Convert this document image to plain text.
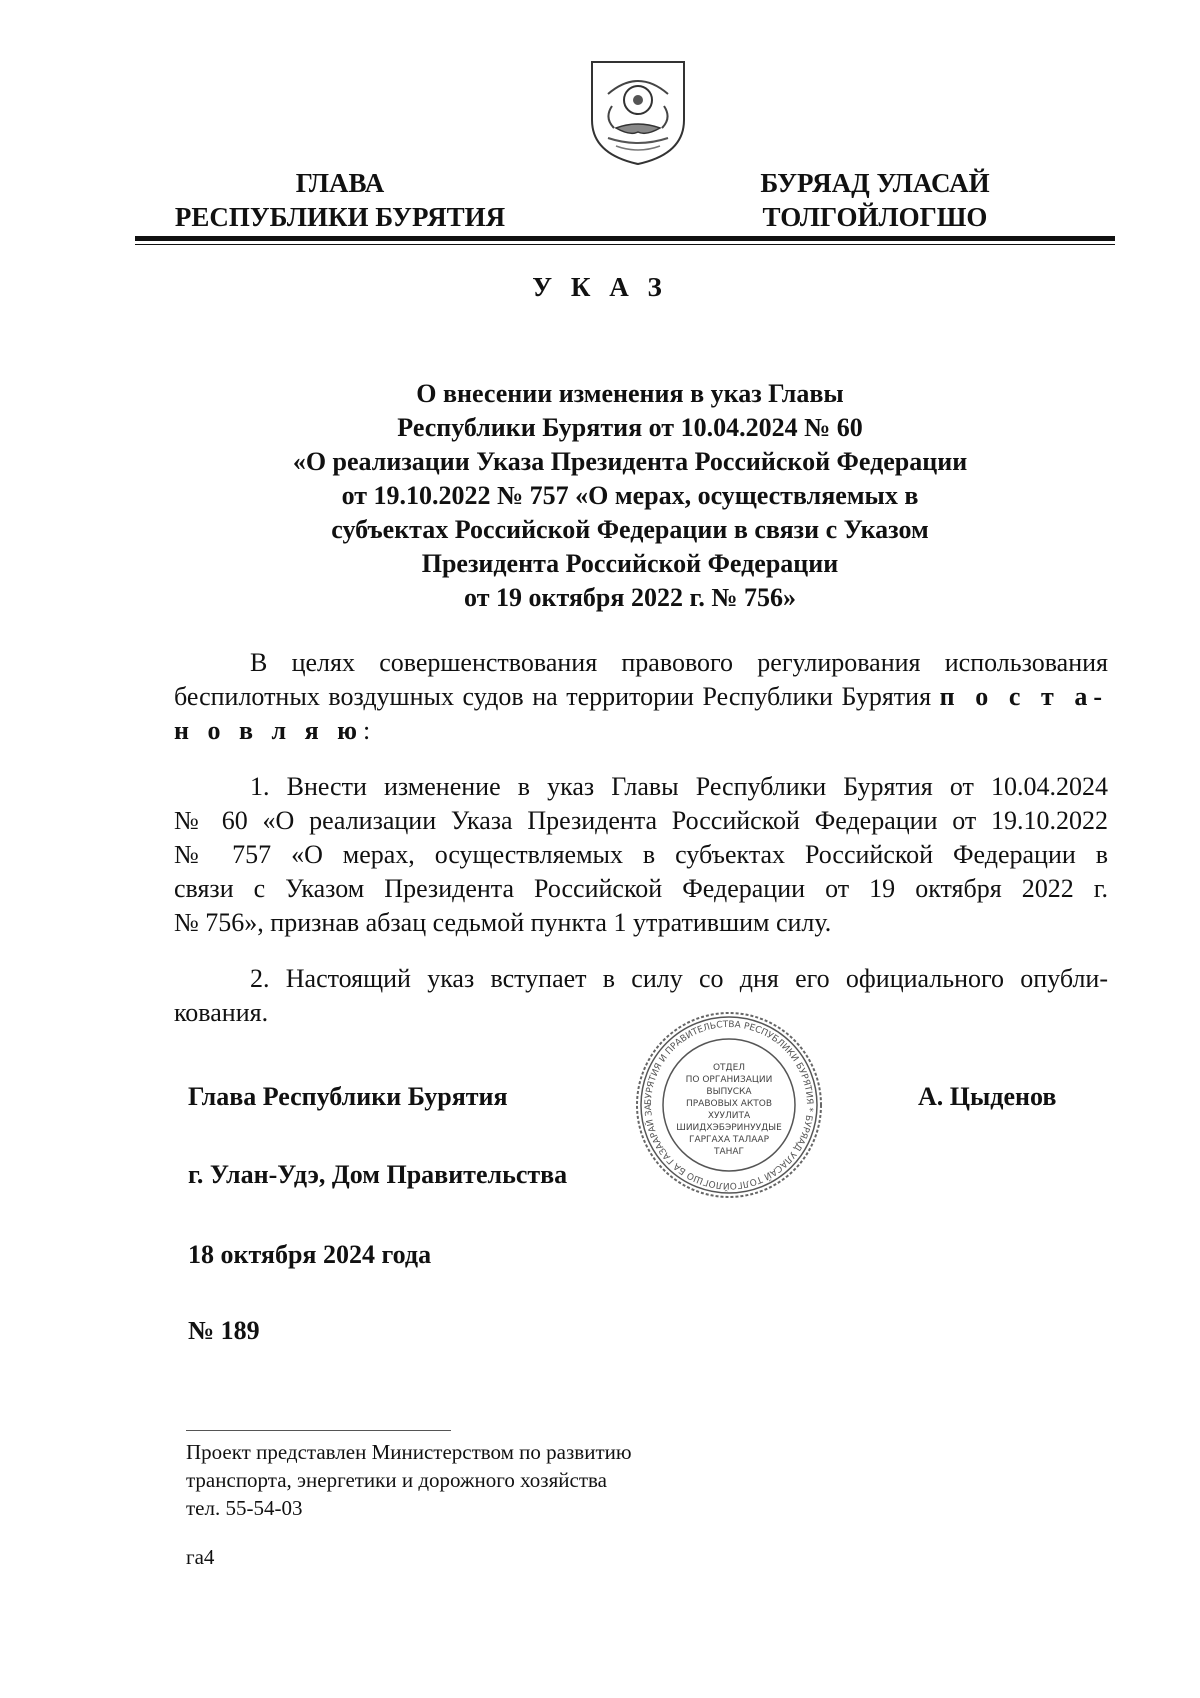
ГЛАВА
РЕСПУБЛИКИ БУРЯТИЯ
БУРЯАД УЛАСАЙ
ТОЛГОЙЛОГШО
У К А З
О внесении изменения в указ Главы
Республики Бурятия от 10.04.2024 № 60
«О реализации Указа Президента Российской Федерации
от 19.10.2022 № 757 «О мерах, осуществляемых в
субъектах Российской Федерации в связи с Указом
Президента Российской Федерации
от 19 октября 2022 г. № 756»
В целях совершенствования правового регулирования использования
беспилотных воздушных судов на территории Республики Бурятия п о с т а-
н о в л я ю:
1. Внести изменение в указ Главы Республики Бурятия от 10.04.2024
№ 60 «О реализации Указа Президента Российской Федерации от 19.10.2022
№ 757 «О мерах, осуществляемых в субъектах Российской Федерации в
связи с Указом Президента Российской Федерации от 19 октября 2022 г.
№ 756», признав абзац седьмой пункта 1 утратившим силу.
2. Настоящий указ вступает в силу со дня его официального опубли-
кования.
БУРЯТИЯ И ПРАВИТЕЛЬСТВА РЕСПУБЛИКИ БУРЯТИЯ * БУРЯАД УЛАСАЙ ТОЛГОЙЛОГШО БА ГАЗААРАЙ ЗА
ОТДЕЛ
ПО ОРГАНИЗАЦИИ
ВЫПУСКА
ПРАВОВЫХ АКТОВ
ХУУЛИТА
ШИИДХЭБЭРИНУУДЫЕ
ГАРГАХА ТАЛААР
ТАНАГ
Глава Республики Бурятия	А. Цыденов
г. Улан-Удэ, Дом Правительства
18 октября 2024 года
№ 189
Проект представлен Министерством по развитию
транспорта, энергетики и дорожного хозяйства
тел. 55-54-03
га4
